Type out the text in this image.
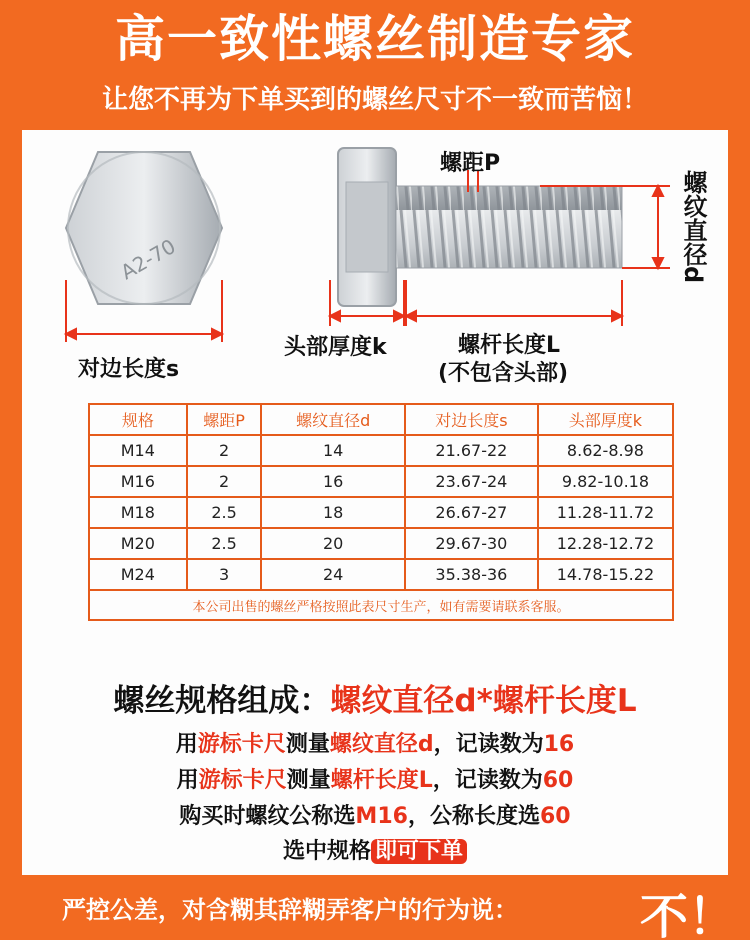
高一致性螺丝制造专家
让您不再为下单买到的螺丝尺寸不一致而苦恼！
A2-70
螺距P
螺纹直径d
对边长度s
头部厚度k	螺杆长度L
(不包含头部)
规格	螺距P	螺纹直径d	对边长度s	头部厚度k
M14	2	14	21.67-22	8.62-8.98
M16	2	16	23.67-24	9.82-10.18
M18	2.5	18	26.67-27	11.28-11.72
M20	2.5	20	29.67-30	12.28-12.72
M24	3	24	35.38-36	14.78-15.22
本公司出售的螺丝严格按照此表尺寸生产，如有需要请联系客服。				
螺丝规格组成：螺纹直径d*螺杆长度L
用游标卡尺测量螺纹直径d，记读数为16
用游标卡尺测量螺杆长度L，记读数为60
购买时螺纹公称选M16，公称长度选60
选中规格 即可下单
严控公差，对含糊其辞糊弄客户的行为说：	不！
